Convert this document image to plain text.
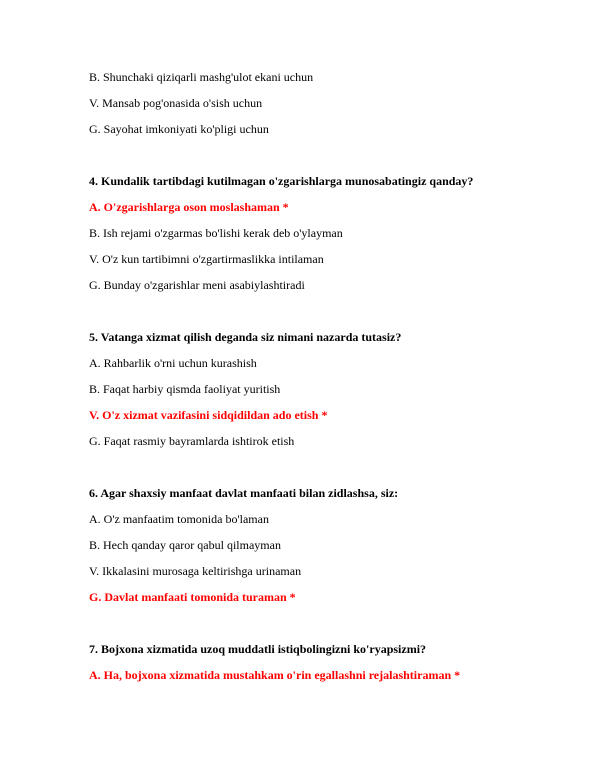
B. Shunchaki qiziqarli mashg'ulot ekani uchun
V. Mansab pog'onasida o'sish uchun
G. Sayohat imkoniyati ko'pligi uchun
4. Kundalik tartibdagi kutilmagan o'zgarishlarga munosabatingiz qanday?
A. O'zgarishlarga oson moslashaman *
B. Ish rejami o'zgarmas bo'lishi kerak deb o'ylayman
V. O'z kun tartibimni o'zgartirmaslikka intilaman
G. Bunday o'zgarishlar meni asabiylashtiradi
5. Vatanga xizmat qilish deganda siz nimani nazarda tutasiz?
A. Rahbarlik o'rni uchun kurashish
B. Faqat harbiy qismda faoliyat yuritish
V. O'z xizmat vazifasini sidqidildan ado etish *
G. Faqat rasmiy bayramlarda ishtirok etish
6. Agar shaxsiy manfaat davlat manfaati bilan zidlashsa, siz:
A. O'z manfaatim tomonida bo'laman
B. Hech qanday qaror qabul qilmayman
V. Ikkalasini murosaga keltirishga urinaman
G. Davlat manfaati tomonida turaman *
7. Bojxona xizmatida uzoq muddatli istiqbolingizni ko'ryapsizmi?
A. Ha, bojxona xizmatida mustahkam o'rin egallashni rejalashtiraman *
